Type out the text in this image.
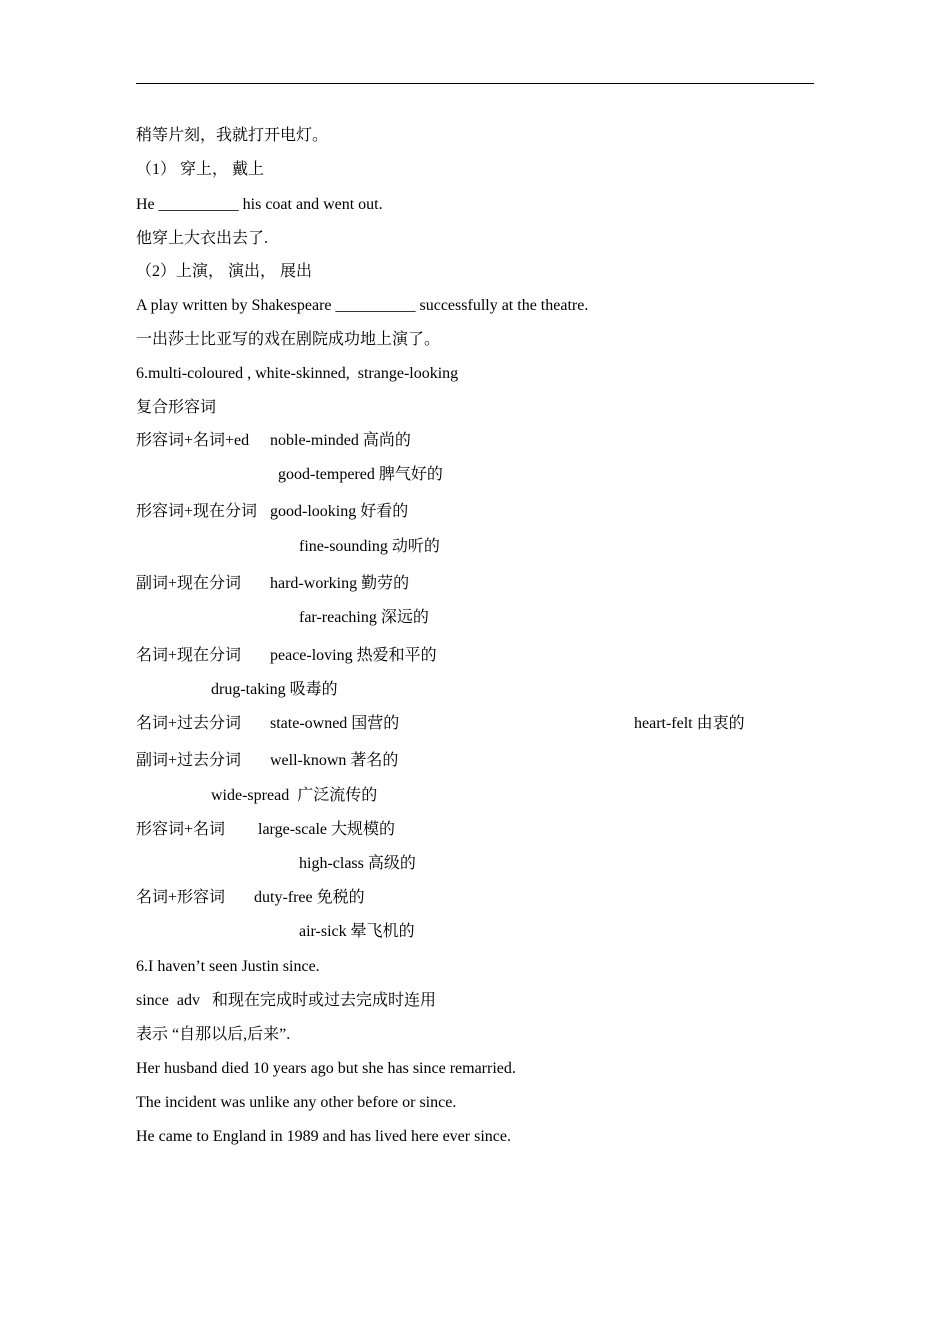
稍等片刻，我就打开电灯。
（1） 穿上， 戴上
He __________ his coat and went out.
他穿上大衣出去了.
（2）上演， 演出， 展出
A play written by Shakespeare __________ successfully at the theatre.
一出莎士比亚写的戏在剧院成功地上演了。
6.multi-coloured , white-skinned,  strange-looking
复合形容词
形容词+名词+ed noble-minded 高尚的
good-tempered 脾气好的
形容词+现在分词 good-looking 好看的
fine-sounding 动听的
副词+现在分词 hard-working 勤劳的
far-reaching 深远的
名词+现在分词 peace-loving 热爱和平的
drug-taking 吸毒的
名词+过去分词 state-owned 国营的	heart-felt 由衷的
副词+过去分词 well-known 著名的
wide-spread  广泛流传的
形容词+名词 large-scale 大规模的
high-class 高级的
名词+形容词 duty-free 免税的
air-sick 晕飞机的
6.I haven’t seen Justin since.
since  adv   和现在完成时或过去完成时连用
表示 “自那以后,后来”.
Her husband died 10 years ago but she has since remarried.
The incident was unlike any other before or since.
He came to England in 1989 and has lived here ever since.
